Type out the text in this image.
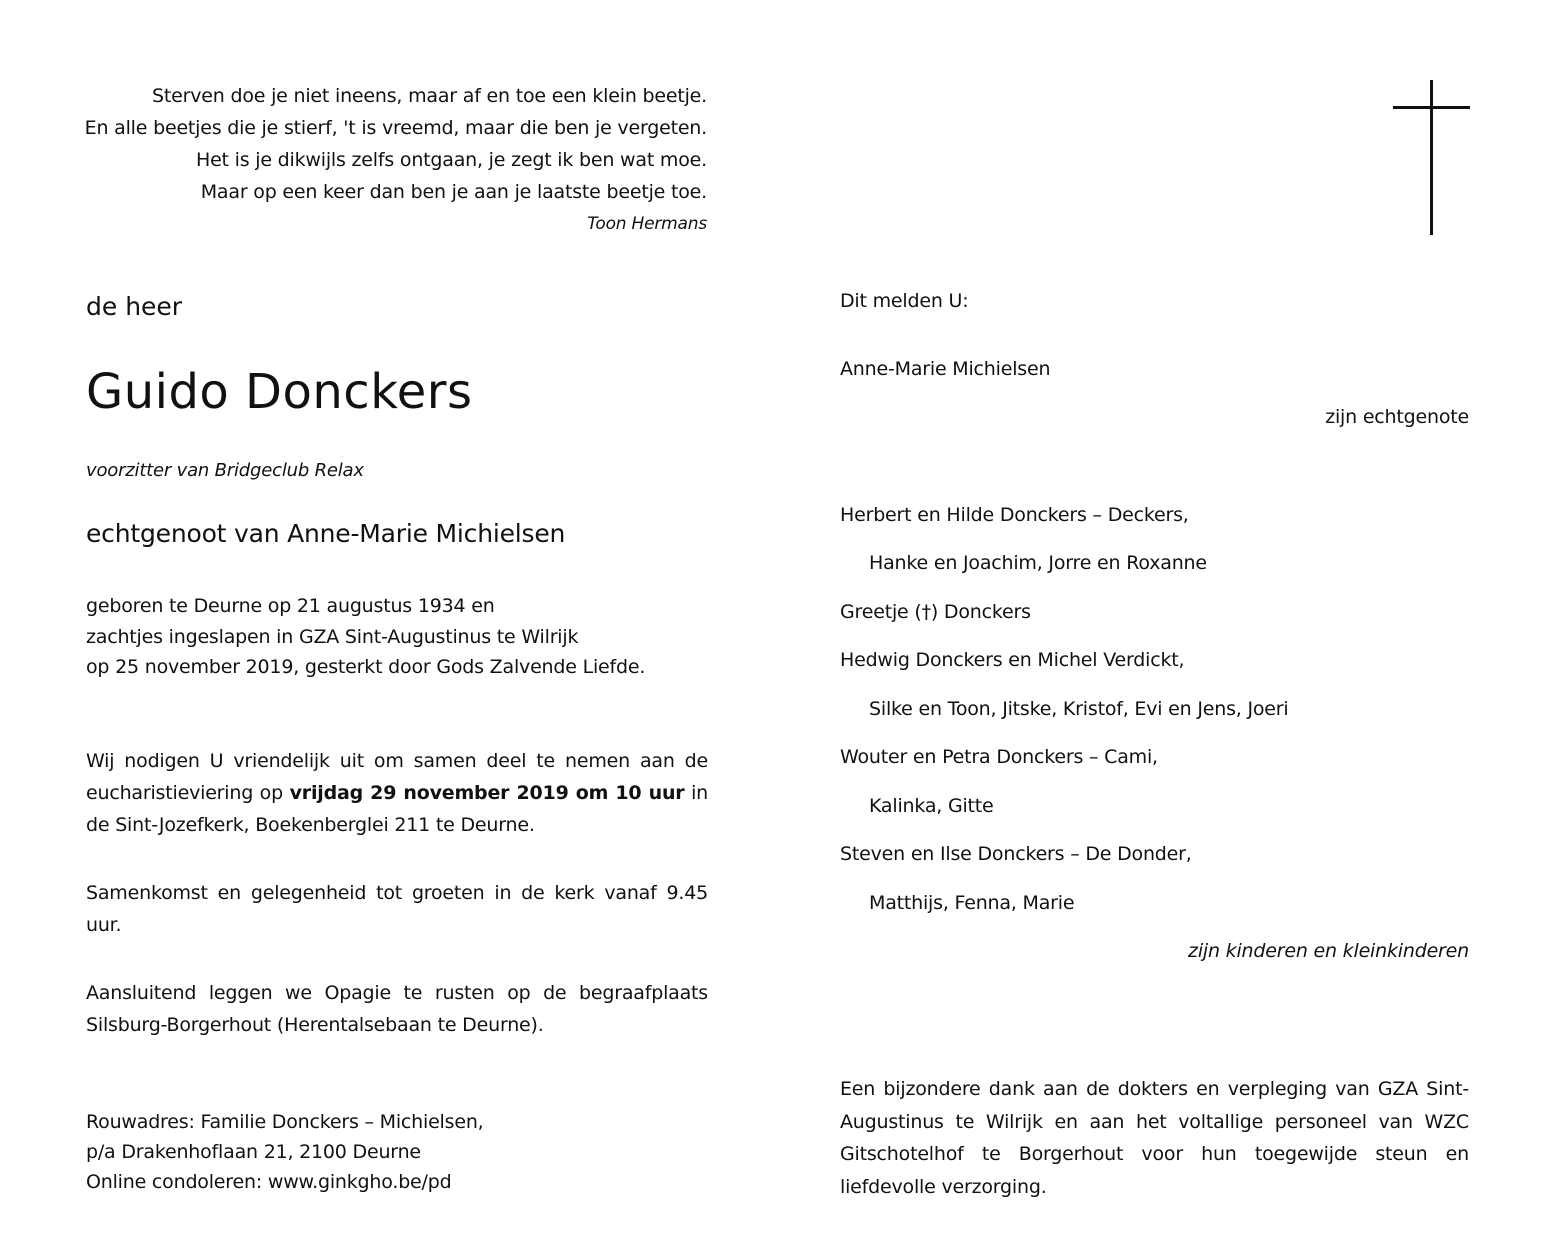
Sterven doe je niet ineens, maar af en toe een klein beetje.
En alle beetjes die je stierf, 't is vreemd, maar die ben je vergeten.
Het is je dikwijls zelfs ontgaan, je zegt ik ben wat moe.
Maar op een keer dan ben je aan je laatste beetje toe.
Toon Hermans
de heer
Guido Donckers
voorzitter van Bridgeclub Relax
echtgenoot van Anne-Marie Michielsen
geboren te Deurne op 21 augustus 1934 en
zachtjes ingeslapen in GZA Sint-Augustinus te Wilrijk
op 25 november 2019, gesterkt door Gods Zalvende Liefde.
Wij nodigen U vriendelijk uit om samen deel te nemen aan de eucharistieviering op vrijdag 29 november 2019 om 10 uur in de Sint-Jozefkerk, Boekenberglei 211 te Deurne.
Samenkomst en gelegenheid tot groeten in de kerk vanaf 9.45 uur.
Aansluitend leggen we Opagie te rusten op de begraafplaats Silsburg-Borgerhout (Herentalsebaan te Deurne).
Rouwadres: Familie Donckers – Michielsen,
p/a Drakenhoflaan 21, 2100 Deurne
Online condoleren: www.ginkgho.be/pd
Dit melden U:
Anne-Marie Michielsen
zijn echtgenote
Herbert en Hilde Donckers – Deckers,
Hanke en Joachim, Jorre en Roxanne
Greetje (†) Donckers
Hedwig Donckers en Michel Verdickt,
Silke en Toon, Jitske, Kristof, Evi en Jens, Joeri
Wouter en Petra Donckers – Cami,
Kalinka, Gitte
Steven en Ilse Donckers – De Donder,
Matthijs, Fenna, Marie
zijn kinderen en kleinkinderen
Een bijzondere dank aan de dokters en verpleging van GZA Sint-Augustinus te Wilrijk en aan het voltallige personeel van WZC Gitschotelhof te Borgerhout voor hun toegewijde steun en liefdevolle verzorging.
